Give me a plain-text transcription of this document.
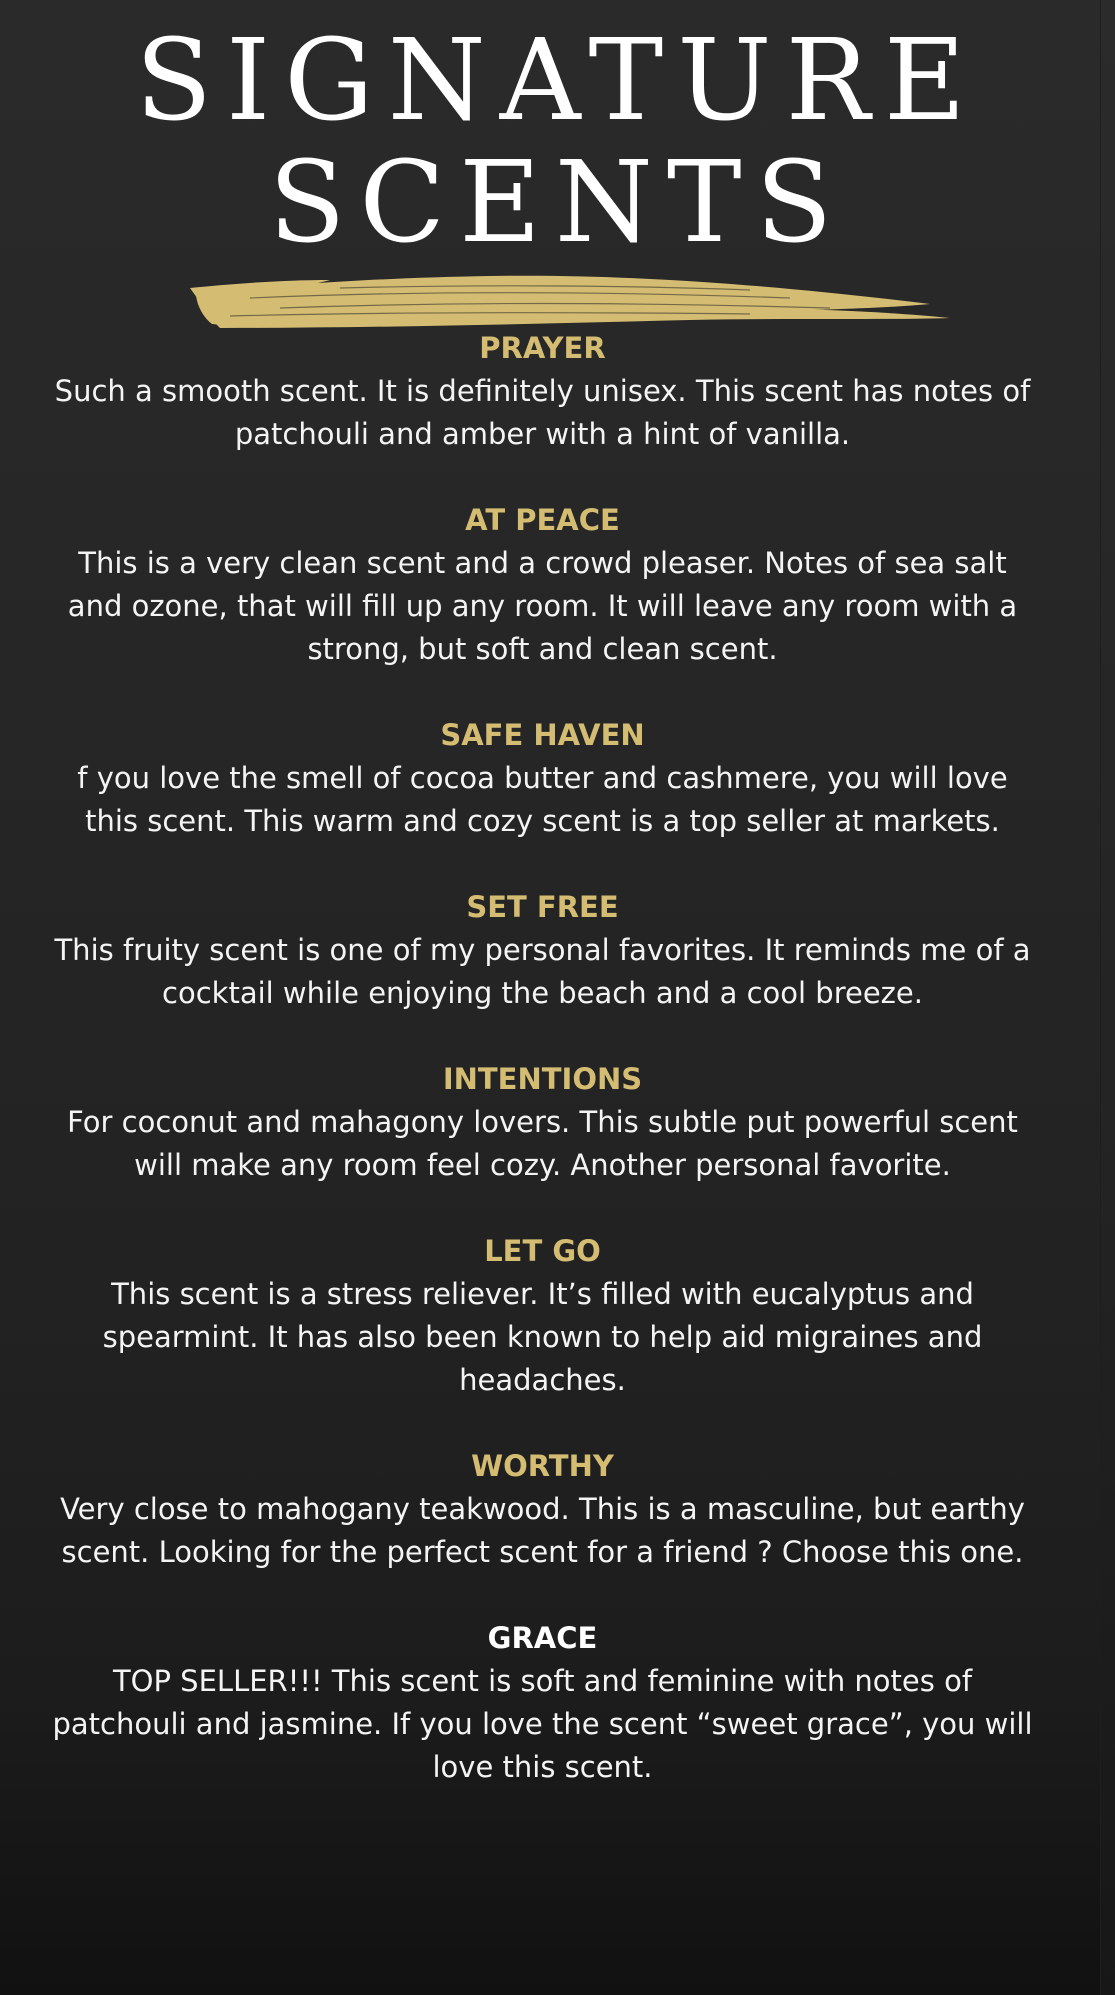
SIGNATURE
SCENTS
PRAYER

Such a smooth scent. It is definitely unisex. This scent has notes of patchouli and amber with a hint of vanilla.

AT PEACE

This is a very clean scent and a crowd pleaser. Notes of sea salt and ozone, that will fill up any room. It will leave any room with a strong, but soft and clean scent.

SAFE HAVEN

f you love the smell of cocoa butter and cashmere, you will love this scent. This warm and cozy scent is a top seller at markets.

SET FREE

This fruity scent is one of my personal favorites. It reminds me of a cocktail while enjoying the beach and a cool breeze.

INTENTIONS

For coconut and mahagony lovers. This subtle put powerful scent will make any room feel cozy. Another personal favorite.

LET GO

This scent is a stress reliever. It’s filled with eucalyptus and spearmint. It has also been known to help aid migraines and headaches.

WORTHY

Very close to mahogany teakwood. This is a masculine, but earthy scent. Looking for the perfect scent for a friend ? Choose this one.

GRACE

TOP SELLER!!! This scent is soft and feminine with notes of patchouli and jasmine. If you love the scent “sweet grace”, you will love this scent.
